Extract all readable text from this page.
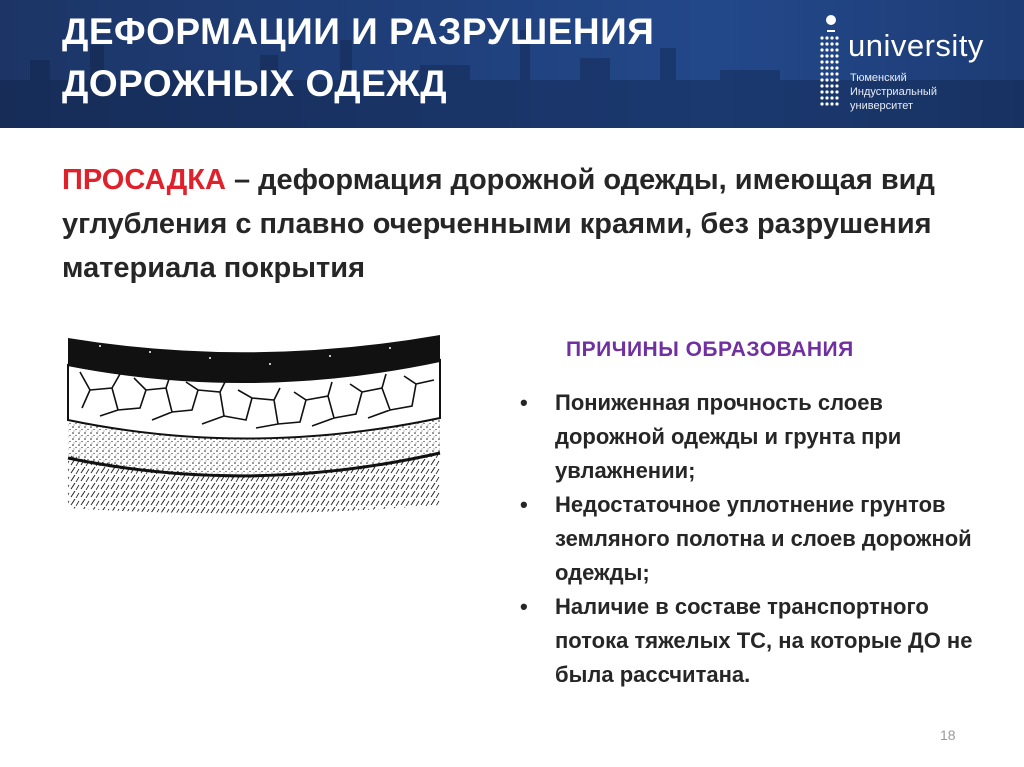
ДЕФОРМАЦИИ И РАЗРУШЕНИЯ
ДОРОЖНЫХ ОДЕЖД
university
Тюменский
Индустриальный
университет
ПРОСАДКА – деформация дорожной одежды, имеющая вид углубления с плавно очерченными краями, без разрушения материала покрытия
ПРИЧИНЫ ОБРАЗОВАНИЯ
• Пониженная прочность слоев дорожной одежды и грунта при увлажнении;
• Недостаточное уплотнение грунтов земляного полотна и слоев дорожной одежды;
• Наличие в составе транспортного потока тяжелых ТС, на которые ДО не была рассчитана.
18
